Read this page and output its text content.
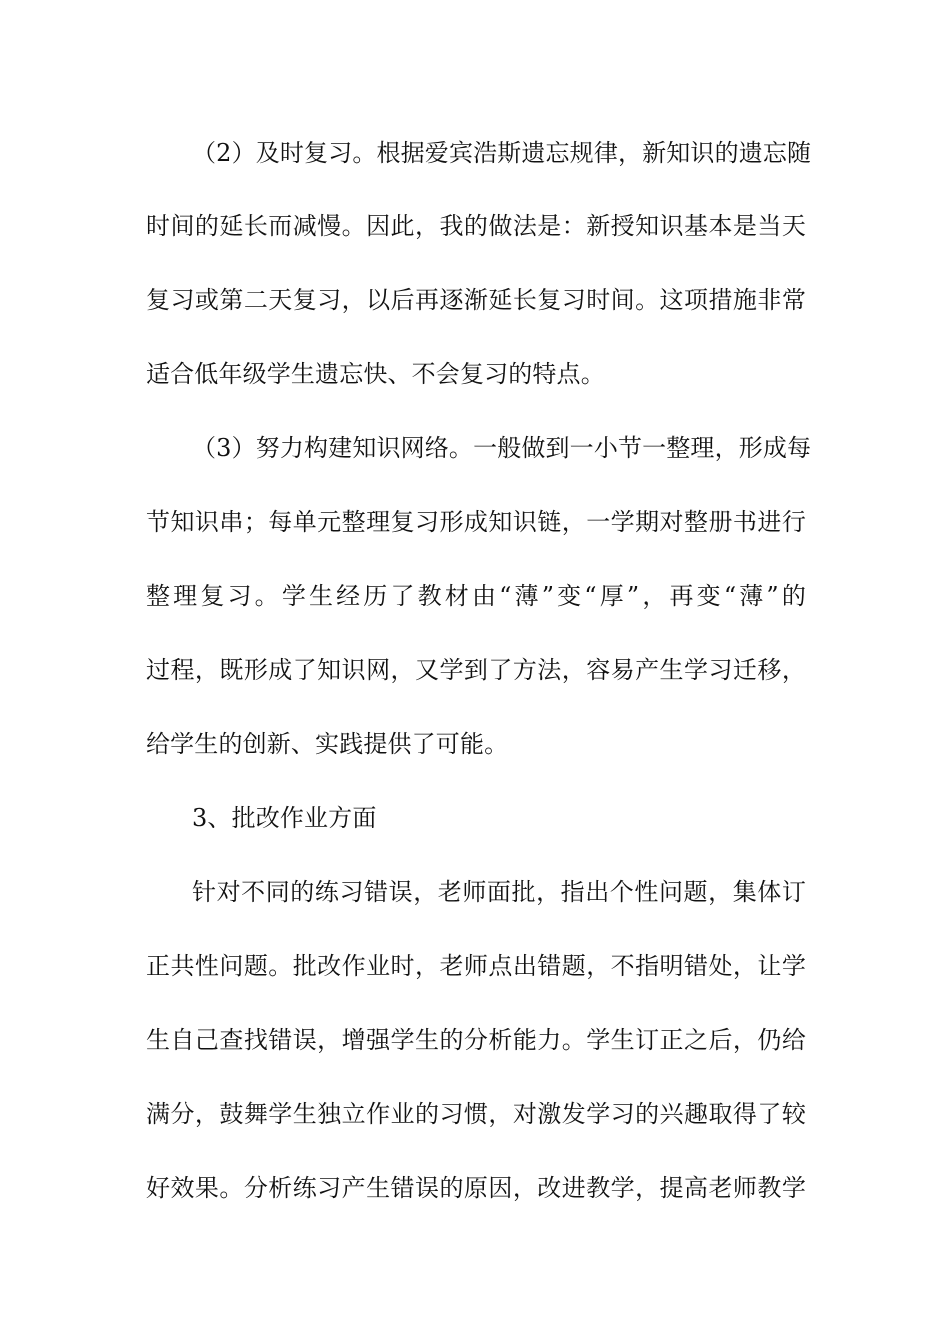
（2）及时复习。根据爱宾浩斯遗忘规律，新知识的遗忘随
时间的延长而减慢。因此，我的做法是：新授知识基本是当天
复习或第二天复习，以后再逐渐延长复习时间。这项措施非常
适合低年级学生遗忘快、不会复习的特点。
（3）努力构建知识网络。一般做到一小节一整理，形成每
节知识串；每单元整理复习形成知识链，一学期对整册书进行
整理复习。学生经历了教材由“薄”变“厚”，再变“薄”的
过程，既形成了知识网，又学到了方法，容易产生学习迁移，
给学生的创新、实践提供了可能。
3、批改作业方面
针对不同的练习错误，老师面批，指出个性问题，集体订
正共性问题。批改作业时，老师点出错题，不指明错处，让学
生自己查找错误，增强学生的分析能力。学生订正之后，仍给
满分，鼓舞学生独立作业的习惯，对激发学习的兴趣取得了较
好效果。分析练习产生错误的原因，改进教学，提高老师教学
